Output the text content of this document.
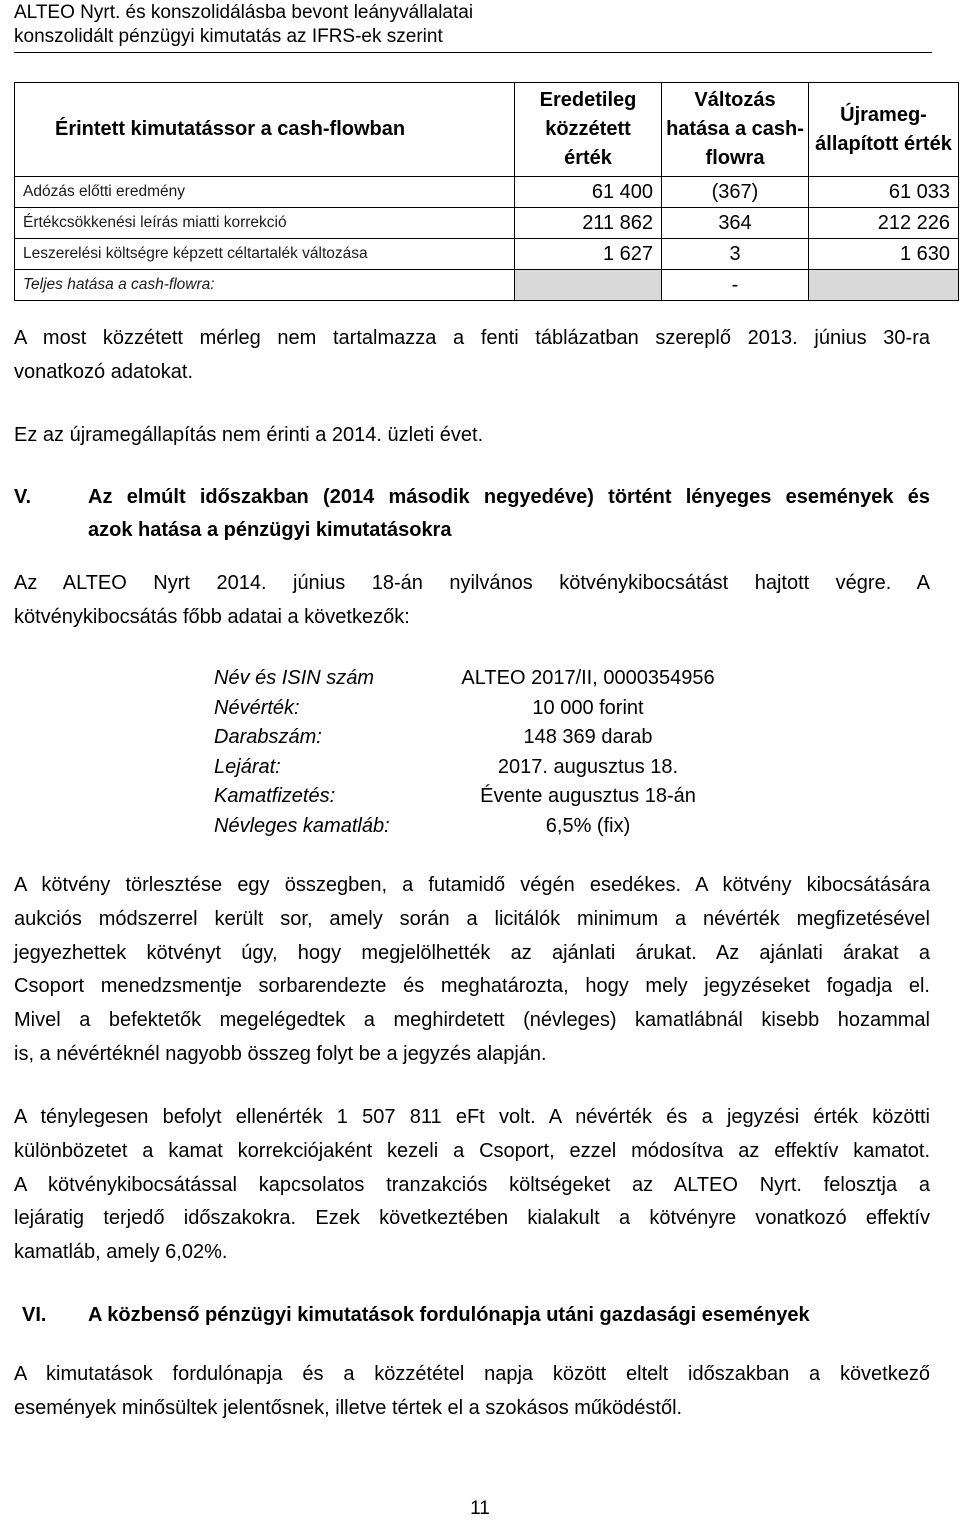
ALTEO Nyrt. és konszolidálásba bevont leányvállalatai
konszolidált pénzügyi kimutatás az IFRS-ek szerint
Érintett kimutatássor a cash-flowban	Eredetileg közzétett érték	Változás hatása a cash-flowra	Újrameg-állapított érték
Adózás előtti eredmény	61 400	(367)	61 033
Értékcsökkenési leírás miatti korrekció	211 862	364	212 226
Leszerelési költségre képzett céltartalék változása	1 627	3	1 630
Teljes hatása a cash-flowra:		-	
A most közzétett mérleg nem tartalmazza a fenti táblázatban szereplő 2013. június 30-ra
vonatkozó adatokat.
Ez az újramegállapítás nem érinti a 2014. üzleti évet.
V.	Az elmúlt időszakban (2014 második negyedéve) történt lényeges események és
azok hatása a pénzügyi kimutatásokra
Az ALTEO Nyrt 2014. június 18-án nyilvános kötvénykibocsátást hajtott végre. A
kötvénykibocsátás főbb adatai a következők:
Név és ISIN szám	ALTEO 2017/II, 0000354956
Névérték:	10 000 forint
Darabszám:	148 369 darab
Lejárat:	2017. augusztus 18.
Kamatfizetés:	Évente augusztus 18-án
Névleges kamatláb:	6,5% (fix)
A kötvény törlesztése egy összegben, a futamidő végén esedékes. A kötvény kibocsátására
aukciós módszerrel került sor, amely során a licitálók minimum a névérték megfizetésével
jegyezhettek kötvényt úgy, hogy megjelölhették az ajánlati árukat. Az ajánlati árakat a
Csoport menedzsmentje sorbarendezte és meghatározta, hogy mely jegyzéseket fogadja el.
Mivel a befektetők megelégedtek a meghirdetett (névleges) kamatlábnál kisebb hozammal
is, a névértéknél nagyobb összeg folyt be a jegyzés alapján.
A ténylegesen befolyt ellenérték 1 507 811 eFt volt. A névérték és a jegyzési érték közötti
különbözetet a kamat korrekciójaként kezeli a Csoport, ezzel módosítva az effektív kamatot.
A kötvénykibocsátással kapcsolatos tranzakciós költségeket az ALTEO Nyrt. felosztja a
lejáratig terjedő időszakokra. Ezek következtében kialakult a kötvényre vonatkozó effektív
kamatláb, amely 6,02%.
VI. A közbenső pénzügyi kimutatások fordulónapja utáni gazdasági események
A kimutatások fordulónapja és a közzététel napja között eltelt időszakban a következő
események minősültek jelentősnek, illetve tértek el a szokásos működéstől.
11
